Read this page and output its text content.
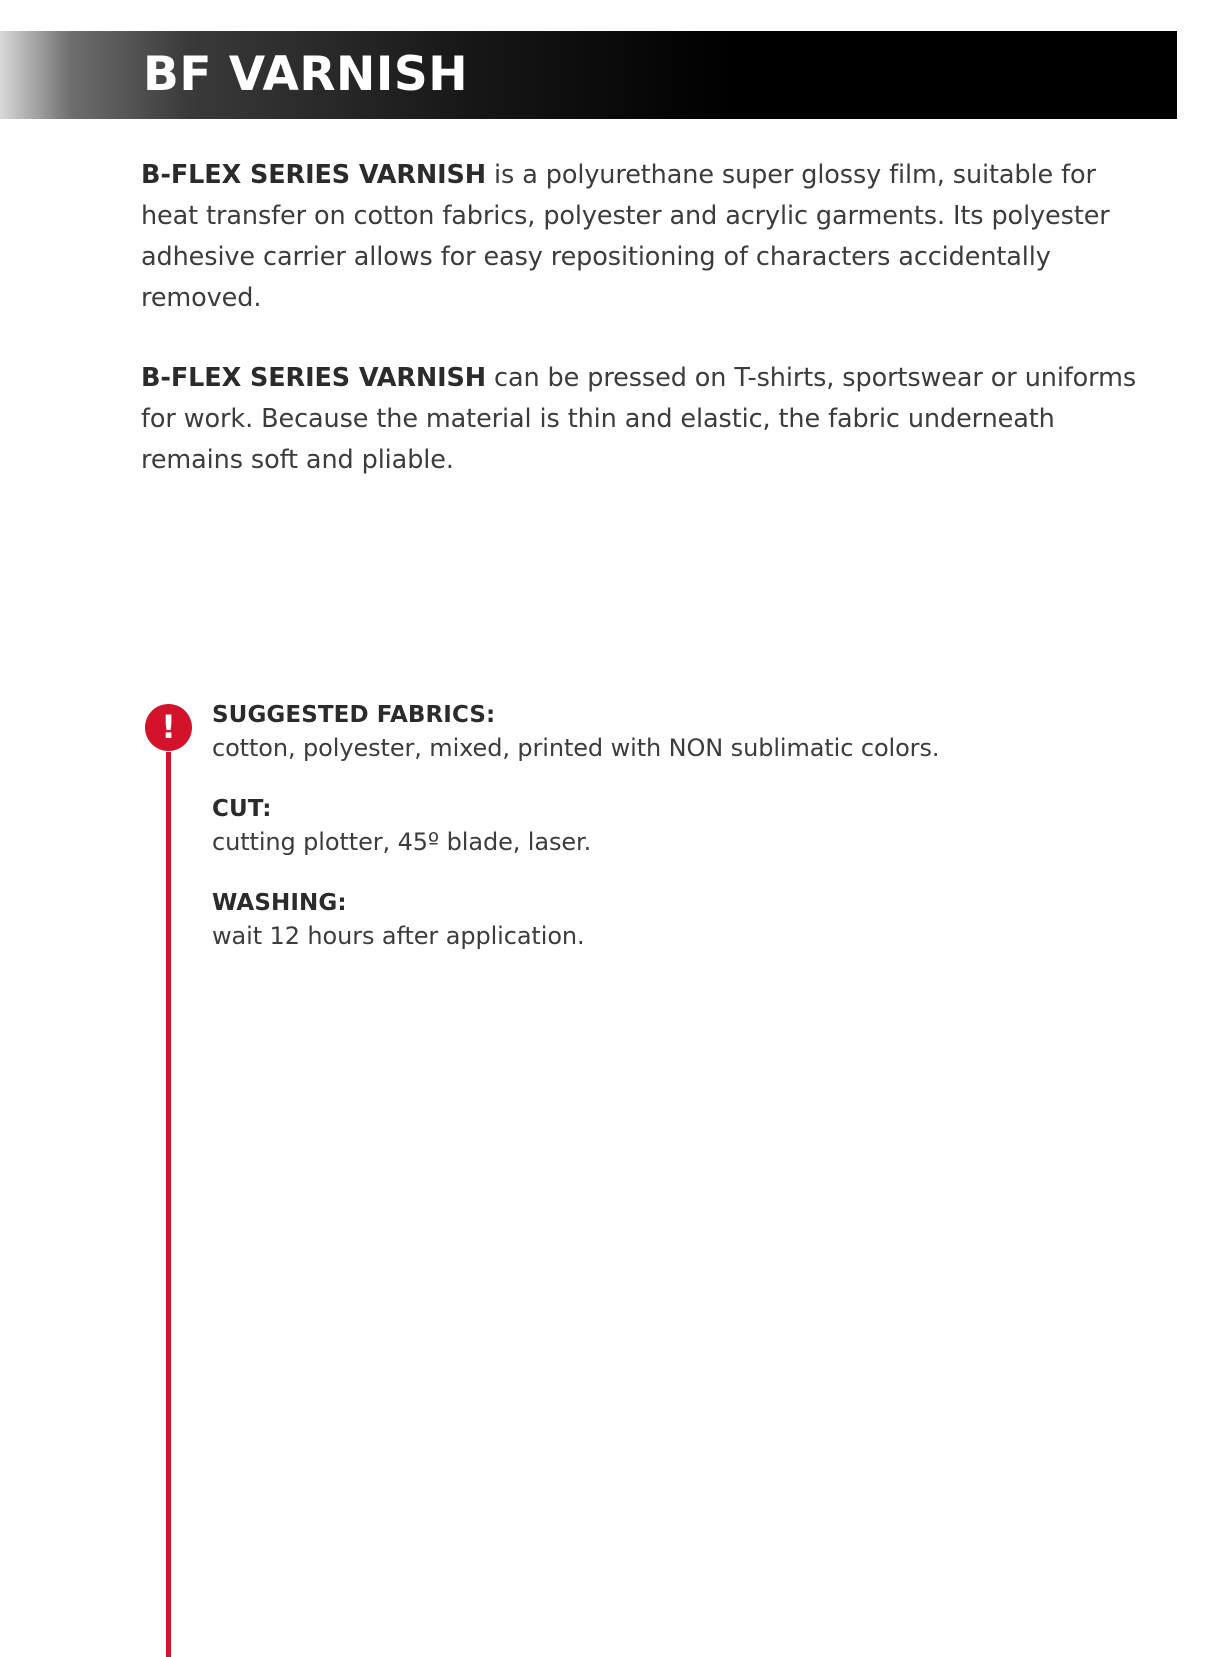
BF VARNISH

B-FLEX SERIES VARNISH is a polyurethane super glossy film, suitable for heat transfer on cotton fabrics, polyester and acrylic garments. Its polyester adhesive carrier allows for easy repositioning of characters accidentally removed.

B-FLEX SERIES VARNISH can be pressed on T-shirts, sportswear or uniforms for work. Because the material is thin and elastic, the fabric underneath remains soft and pliable.

!	SUGGESTED FABRICS:
cotton, polyester, mixed, printed with NON sublimatic colors.
CUT:
cutting plotter, 45º blade, laser.
WASHING:
wait 12 hours after application.
